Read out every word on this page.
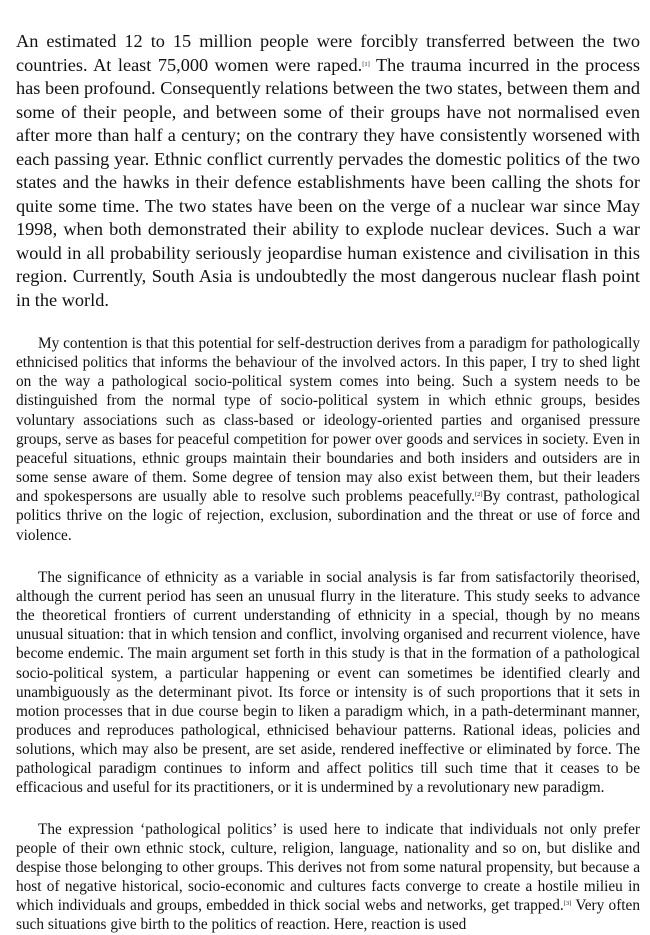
An estimated 12 to 15 million people were forcibly transferred between the two countries. At least 75,000 women were raped.[1] The trauma incurred in the process has been profound. Consequently relations between the two states, between them and some of their people, and between some of their groups have not normalised even after more than half a century; on the contrary they have consistently worsened with each passing year. Ethnic conflict currently pervades the domestic politics of the two states and the hawks in their defence establishments have been calling the shots for quite some time. The two states have been on the verge of a nuclear war since May 1998, when both demonstrated their ability to explode nuclear devices. Such a war would in all probability seriously jeopardise human existence and civilisation in this region. Currently, South Asia is undoubtedly the most dangerous nuclear flash point in the world.

My contention is that this potential for self-destruction derives from a paradigm for pathologically ethnicised politics that informs the behaviour of the involved actors. In this paper, I try to shed light on the way a pathological socio-political system comes into being. Such a system needs to be distinguished from the normal type of socio-political system in which ethnic groups, besides voluntary associations such as class-based or ideology-oriented parties and organised pressure groups, serve as bases for peaceful competition for power over goods and services in society. Even in peaceful situations, ethnic groups maintain their boundaries and both insiders and outsiders are in some sense aware of them. Some degree of tension may also exist between them, but their leaders and spokespersons are usually able to resolve such problems peacefully.[2]By contrast, pathological politics thrive on the logic of rejection, exclusion, subordination and the threat or use of force and violence.

The significance of ethnicity as a variable in social analysis is far from satisfactorily theorised, although the current period has seen an unusual flurry in the literature. This study seeks to advance the theoretical frontiers of current understanding of ethnicity in a special, though by no means unusual situation: that in which tension and conflict, involving organised and recurrent violence, have become endemic. The main argument set forth in this study is that in the formation of a pathological socio-political system, a particular happening or event can sometimes be identified clearly and unambiguously as the determinant pivot. Its force or intensity is of such proportions that it sets in motion processes that in due course begin to liken a paradigm which, in a path-determinant manner, produces and reproduces pathological, ethnicised behaviour patterns. Rational ideas, policies and solutions, which may also be present, are set aside, rendered ineffective or eliminated by force. The pathological paradigm continues to inform and affect politics till such time that it ceases to be efficacious and useful for its practitioners, or it is undermined by a revolutionary new paradigm.

The expression ‘pathological politics’ is used here to indicate that individuals not only prefer people of their own ethnic stock, culture, religion, language, nationality and so on, but dislike and despise those belonging to other groups. This derives not from some natural propensity, but because a host of negative historical, socio-economic and cultures facts converge to create a hostile milieu in which individuals and groups, embedded in thick social webs and networks, get trapped.[3] Very often such situations give birth to the politics of reaction. Here, reaction is used
